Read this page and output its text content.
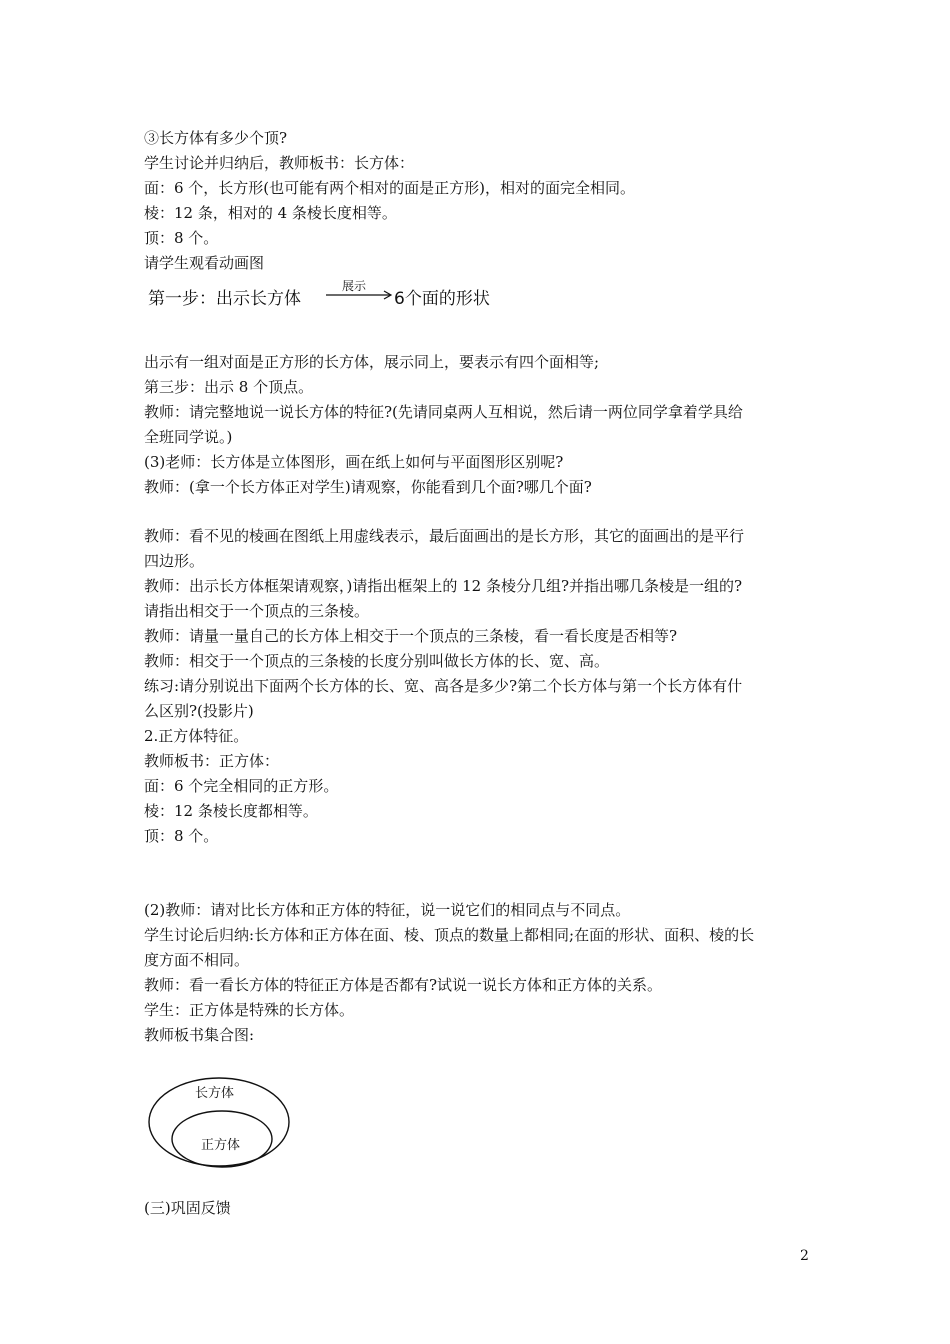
③长方体有多少个顶?
学生讨论并归纳后，教师板书：长方体：
面：6 个，长方形(也可能有两个相对的面是正方形)，相对的面完全相同。
棱：12 条，相对的 4 条棱长度相等。
顶：8 个。
请学生观看动画图
第一步：出示长方体
展示
6个面的形状
出示有一组对面是正方形的长方体，展示同上，要表示有四个面相等;
第三步：出示 8 个顶点。
教师：请完整地说一说长方体的特征?(先请同桌两人互相说，然后请一两位同学拿着学具给
全班同学说。)
(3)老师：长方体是立体图形，画在纸上如何与平面图形区别呢?
教师：(拿一个长方体正对学生)请观察，你能看到几个面?哪几个面?
教师：看不见的棱画在图纸上用虚线表示，最后面画出的是长方形，其它的面画出的是平行
四边形。
教师：出示长方体框架请观察，)请指出框架上的 12 条棱分几组?并指出哪几条棱是一组的?
请指出相交于一个顶点的三条棱。
教师：请量一量自己的长方体上相交于一个顶点的三条棱，看一看长度是否相等?
教师：相交于一个顶点的三条棱的长度分别叫做长方体的长、宽、高。
练习:请分别说出下面两个长方体的长、宽、高各是多少?第二个长方体与第一个长方体有什
么区别?(投影片)
2.正方体特征。
教师板书：正方体：
面：6 个完全相同的正方形。
棱：12 条棱长度都相等。
顶：8 个。
(2)教师：请对比长方体和正方体的特征，说一说它们的相同点与不同点。
学生讨论后归纳:长方体和正方体在面、棱、顶点的数量上都相同;在面的形状、面积、棱的长
度方面不相同。
教师：看一看长方体的特征正方体是否都有?试说一说长方体和正方体的关系。
学生：正方体是特殊的长方体。
教师板书集合图:
长方体
正方体
(三)巩固反馈
2
